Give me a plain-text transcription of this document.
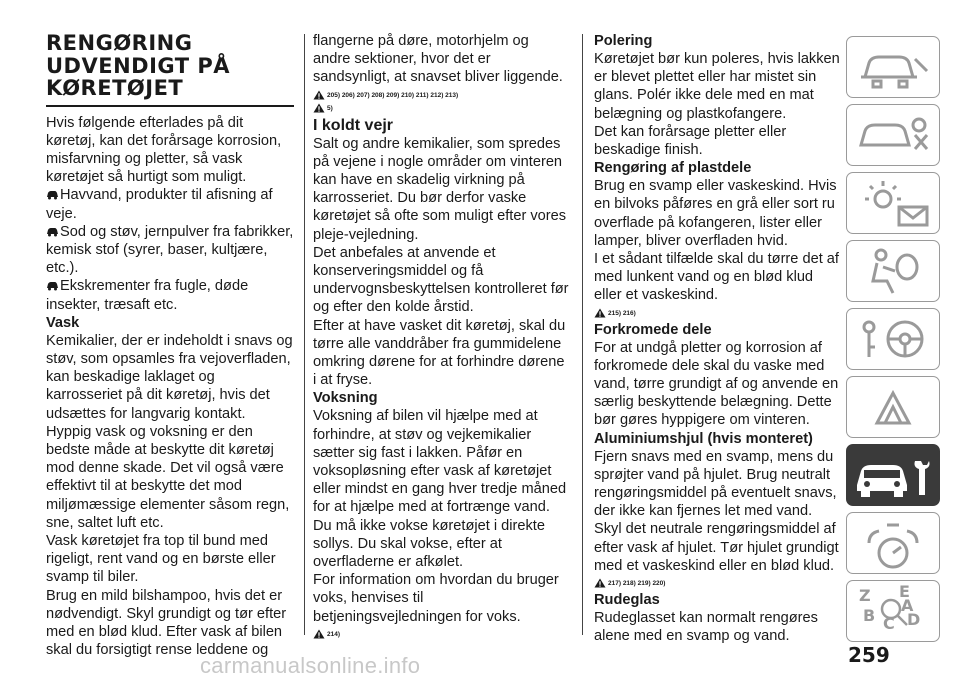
RENGØRING
UDVENDIGT PÅ
KØRETØJET

Hvis følgende efterlades på dit køretøj, kan det forårsage korrosion, misfarvning og pletter, så vask køretøjet så hurtigt som muligt.

Havvand, produkter til afisning af veje.

Sod og støv, jernpulver fra fabrikker, kemisk stof (syrer, baser, kultjære, etc.).

Ekskrementer fra fugle, døde insekter, træsaft etc.

Vask

Kemikalier, der er indeholdt i snavs og støv, som opsamles fra vejoverfladen, kan beskadige laklaget og karrosseriet på dit køretøj, hvis det udsættes for langvarig kontakt.

Hyppig vask og voksning er den bedste måde at beskytte dit køretøj mod denne skade. Det vil også være effektivt til at beskytte det mod miljømæssige elementer såsom regn, sne, saltet luft etc.

Vask køretøjet fra top til bund med rigeligt, rent vand og en børste eller svamp til biler.

Brug en mild bilshampoo, hvis det er nødvendigt. Skyl grundigt og tør efter med en blød klud. Efter vask af bilen skal du forsigtigt rense leddene og

flangerne på døre, motorhjelm og andre sektioner, hvor det er sandsynligt, at snavset bliver liggende.

205) 206) 207) 208) 209) 210) 211) 212) 213)
5)
I koldt vejr

Salt og andre kemikalier, som spredes på vejene i nogle områder om vinteren kan have en skadelig virkning på karrosseriet. Du bør derfor vaske køretøjet så ofte som muligt efter vores pleje-vejledning.

Det anbefales at anvende et konserveringsmiddel og få undervognsbeskyttelsen kontrolleret før og efter den kolde årstid.

Efter at have vasket dit køretøj, skal du tørre alle vanddråber fra gummidelene omkring dørene for at forhindre dørene i at fryse.

Voksning

Voksning af bilen vil hjælpe med at forhindre, at støv og vejkemikalier sætter sig fast i lakken. Påfør en voksopløsning efter vask af køretøjet eller mindst en gang hver tredje måned for at hjælpe med at fortrænge vand.

Du må ikke vokse køretøjet i direkte sollys. Du skal vokse, efter at overfladerne er afkølet.

For information om hvordan du bruger voks, henvises til betjeningsvejledningen for voks.

214)
Polering

Køretøjet bør kun poleres, hvis lakken er blevet plettet eller har mistet sin glans. Polér ikke dele med en mat belægning og plastkofangere.

Det kan forårsage pletter eller beskadige finish.

Rengøring af plastdele

Brug en svamp eller vaskeskind. Hvis en bilvoks påføres en grå eller sort ru overflade på kofangeren, lister eller lamper, bliver overfladen hvid.

I et sådant tilfælde skal du tørre det af med lunkent vand og en blød klud eller et vaskeskind.

215) 216)
Forkromede dele

For at undgå pletter og korrosion af forkromede dele skal du vaske med vand, tørre grundigt af og anvende en særlig beskyttende belægning. Dette bør gøres hyppigere om vinteren.

Aluminiumshjul (hvis monteret)

Fjern snavs med en svamp, mens du sprøjter vand på hjulet. Brug neutralt rengøringsmiddel på eventuelt snavs, der ikke kan fjernes let med vand. Skyl det neutrale rengøringsmiddel af efter vask af hjulet. Tør hjulet grundigt med et vaskeskind eller en blød klud.

217) 218) 219) 220)
Rudeglas

Rudeglasset kan normalt rengøres alene med en svamp og vand.

Z E
B C D
A
259
carmanualsonline.info
